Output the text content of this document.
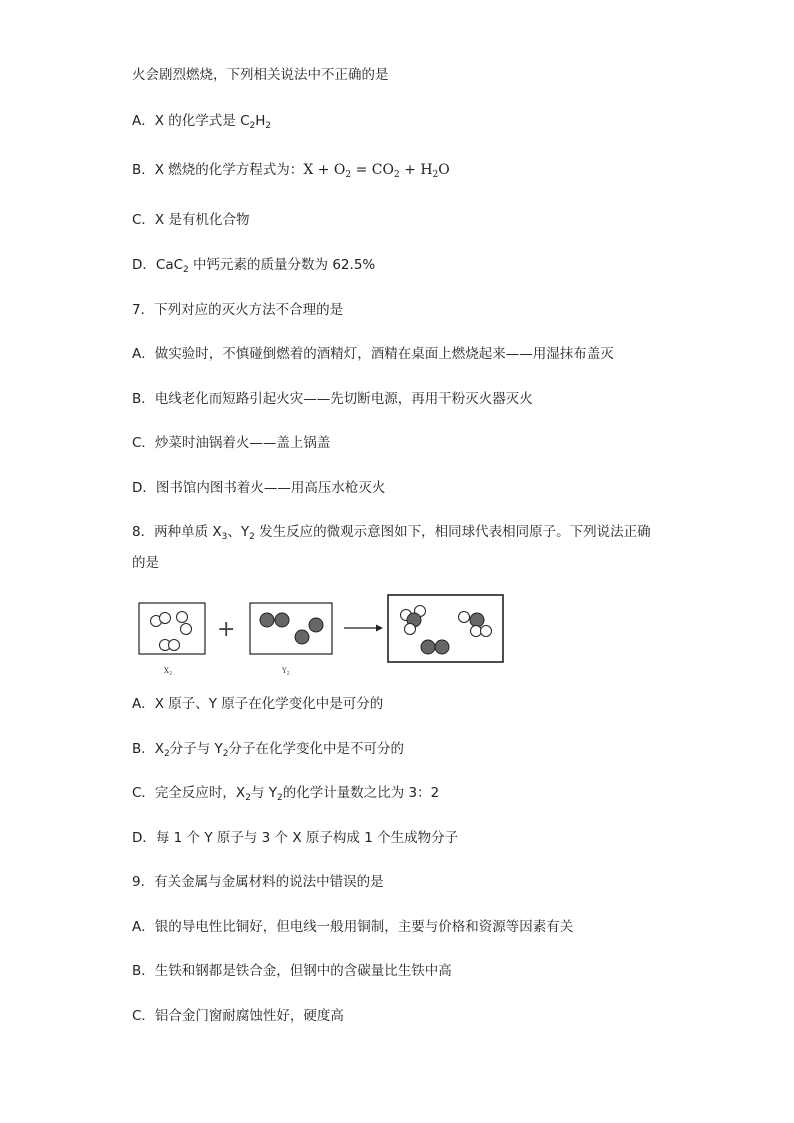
火会剧烈燃烧，下列相关说法中不正确的是
A．X 的化学式是 $C_2H_2$
B．X 燃烧的化学方程式为：$X + O_2 = CO_2 + H_2O$
C．X 是有机化合物
D．CaC$_2$ 中钙元素的质量分数为 62.5%
7．下列对应的灭火方法不合理的是
A．做实验时，不慎碰倒燃着的酒精灯，酒精在桌面上燃烧起来——用湿抹布盖灭
B．电线老化而短路引起火灾——先切断电源，再用干粉灭火器灭火
C．炒菜时油锅着火——盖上锅盖
D．图书馆内图书着火——用高压水枪灭火
8．两种单质 $X_3$、$Y_2$ 发生反应的微观示意图如下，相同球代表相同原子。下列说法正确
的是
$X_2$
+
$Y_2$
A．X 原子、Y 原子在化学变化中是可分的
B．$X_2$分子与 $Y_2$分子在化学变化中是不可分的
C．完全反应时，$X_2$与 $Y_2$的化学计量数之比为 3：2
D．每 1 个 Y 原子与 3 个 X 原子构成 1 个生成物分子
9．有关金属与金属材料的说法中错误的是
A．银的导电性比铜好，但电线一般用铜制，主要与价格和资源等因素有关
B．生铁和钢都是铁合金，但钢中的含碳量比生铁中高
C．铝合金门窗耐腐蚀性好，硬度高
